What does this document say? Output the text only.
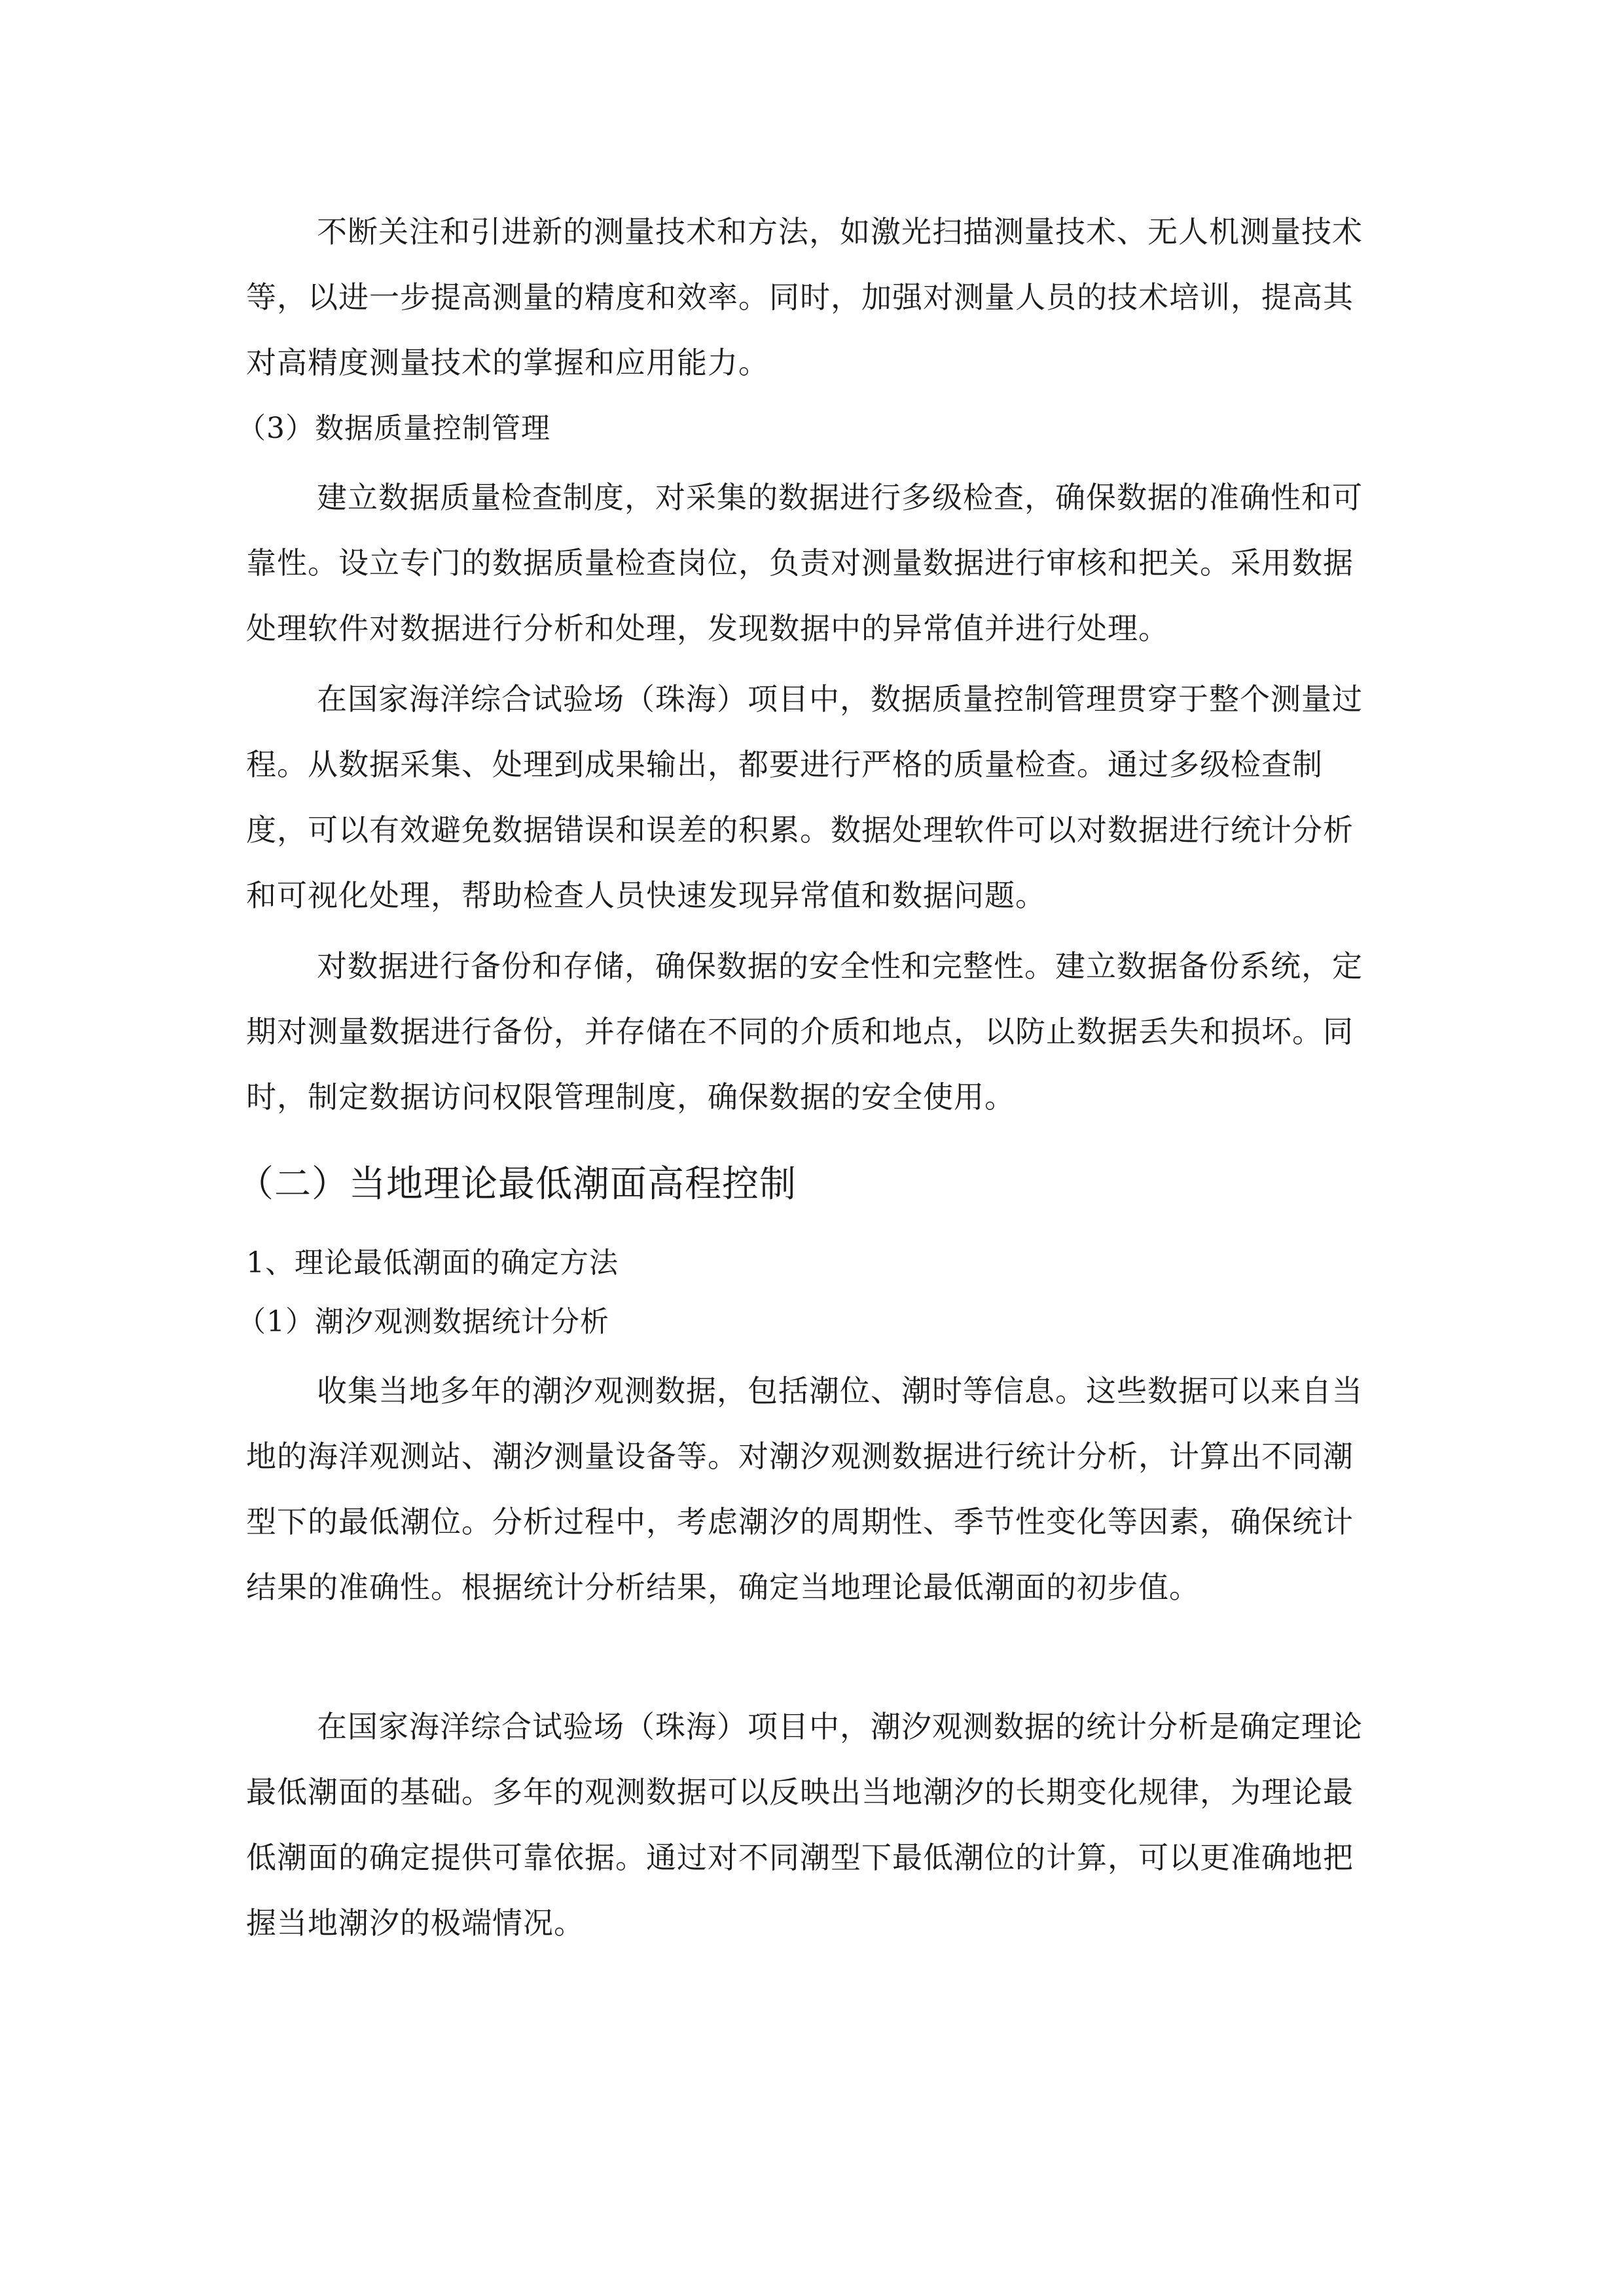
不断关注和引进新的测量技术和方法，如激光扫描测量技术、无人机测量技术等，以进一步提高测量的精度和效率。同时，加强对测量人员的技术培训，提高其对高精度测量技术的掌握和应用能力。
（3）数据质量控制管理
建立数据质量检查制度，对采集的数据进行多级检查，确保数据的准确性和可靠性。设立专门的数据质量检查岗位，负责对测量数据进行审核和把关。采用数据处理软件对数据进行分析和处理，发现数据中的异常值并进行处理。
在国家海洋综合试验场（珠海）项目中，数据质量控制管理贯穿于整个测量过程。从数据采集、处理到成果输出，都要进行严格的质量检查。通过多级检查制度，可以有效避免数据错误和误差的积累。数据处理软件可以对数据进行统计分析和可视化处理，帮助检查人员快速发现异常值和数据问题。
对数据进行备份和存储，确保数据的安全性和完整性。建立数据备份系统，定期对测量数据进行备份，并存储在不同的介质和地点，以防止数据丢失和损坏。同时，制定数据访问权限管理制度，确保数据的安全使用。
（二）当地理论最低潮面高程控制
1、理论最低潮面的确定方法
（1）潮汐观测数据统计分析
收集当地多年的潮汐观测数据，包括潮位、潮时等信息。这些数据可以来自当地的海洋观测站、潮汐测量设备等。对潮汐观测数据进行统计分析，计算出不同潮型下的最低潮位。分析过程中，考虑潮汐的周期性、季节性变化等因素，确保统计结果的准确性。根据统计分析结果，确定当地理论最低潮面的初步值。
在国家海洋综合试验场（珠海）项目中，潮汐观测数据的统计分析是确定理论最低潮面的基础。多年的观测数据可以反映出当地潮汐的长期变化规律，为理论最低潮面的确定提供可靠依据。通过对不同潮型下最低潮位的计算，可以更准确地把握当地潮汐的极端情况。
